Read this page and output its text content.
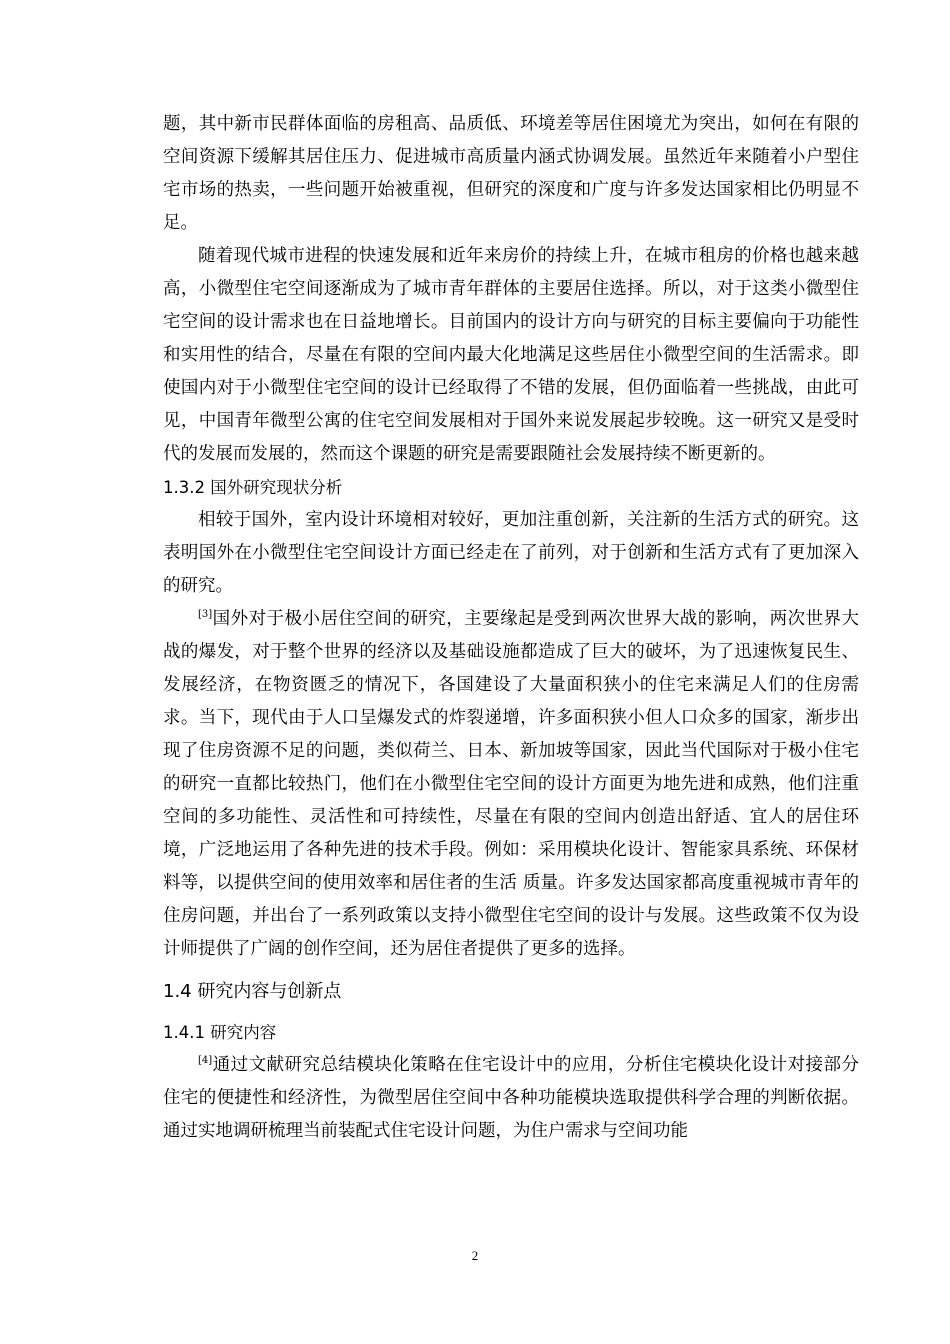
题，其中新市民群体面临的房租高、品质低、环境差等居住困境尤为突出，如何在有限的空间资源下缓解其居住压力、促进城市高质量内涵式协调发展。虽然近年来随着小户型住宅市场的热卖，一些问题开始被重视，但研究的深度和广度与许多发达国家相比仍明显不足。

随着现代城市进程的快速发展和近年来房价的持续上升，在城市租房的价格也越来越高，小微型住宅空间逐渐成为了城市青年群体的主要居住选择。所以，对于这类小微型住宅空间的设计需求也在日益地增长。目前国内的设计方向与研究的目标主要偏向于功能性和实用性的结合，尽量在有限的空间内最大化地满足这些居住小微型空间的生活需求。即使国内对于小微型住宅空间的设计已经取得了不错的发展，但仍面临着一些挑战，由此可见，中国青年微型公寓的住宅空间发展相对于国外来说发展起步较晚。这一研究又是受时代的发展而发展的，然而这个课题的研究是需要跟随社会发展持续不断更新的。

1.3.2 国外研究现状分析

相较于国外，室内设计环境相对较好，更加注重创新，关注新的生活方式的研究。这表明国外在小微型住宅空间设计方面已经走在了前列，对于创新和生活方式有了更加深入的研究。

[3]国外对于极小居住空间的研究，主要缘起是受到两次世界大战的影响，两次世界大战的爆发，对于整个世界的经济以及基础设施都造成了巨大的破坏，为了迅速恢复民生、发展经济，在物资匮乏的情况下，各国建设了大量面积狭小的住宅来满足人们的住房需求。当下，现代由于人口呈爆发式的炸裂递增，许多面积狭小但人口众多的国家，渐步出现了住房资源不足的问题，类似荷兰、日本、新加坡等国家，因此当代国际对于极小住宅的研究一直都比较热门，他们在小微型住宅空间的设计方面更为地先进和成熟，他们注重空间的多功能性、灵活性和可持续性，尽量在有限的空间内创造出舒适、宜人的居住环境，广泛地运用了各种先进的技术手段。例如：采用模块化设计、智能家具系统、环保材料等，以提供空间的使用效率和居住者的生活 质量。许多发达国家都高度重视城市青年的住房问题，并出台了一系列政策以支持小微型住宅空间的设计与发展。这些政策不仅为设计师提供了广阔的创作空间，还为居住者提供了更多的选择。

1.4 研究内容与创新点
1.4.1 研究内容

[4]通过文献研究总结模块化策略在住宅设计中的应用，分析住宅模块化设计对接部分住宅的便捷性和经济性，为微型居住空间中各种功能模块选取提供科学合理的判断依据。通过实地调研梳理当前装配式住宅设计问题，为住户需求与空间功能

2
